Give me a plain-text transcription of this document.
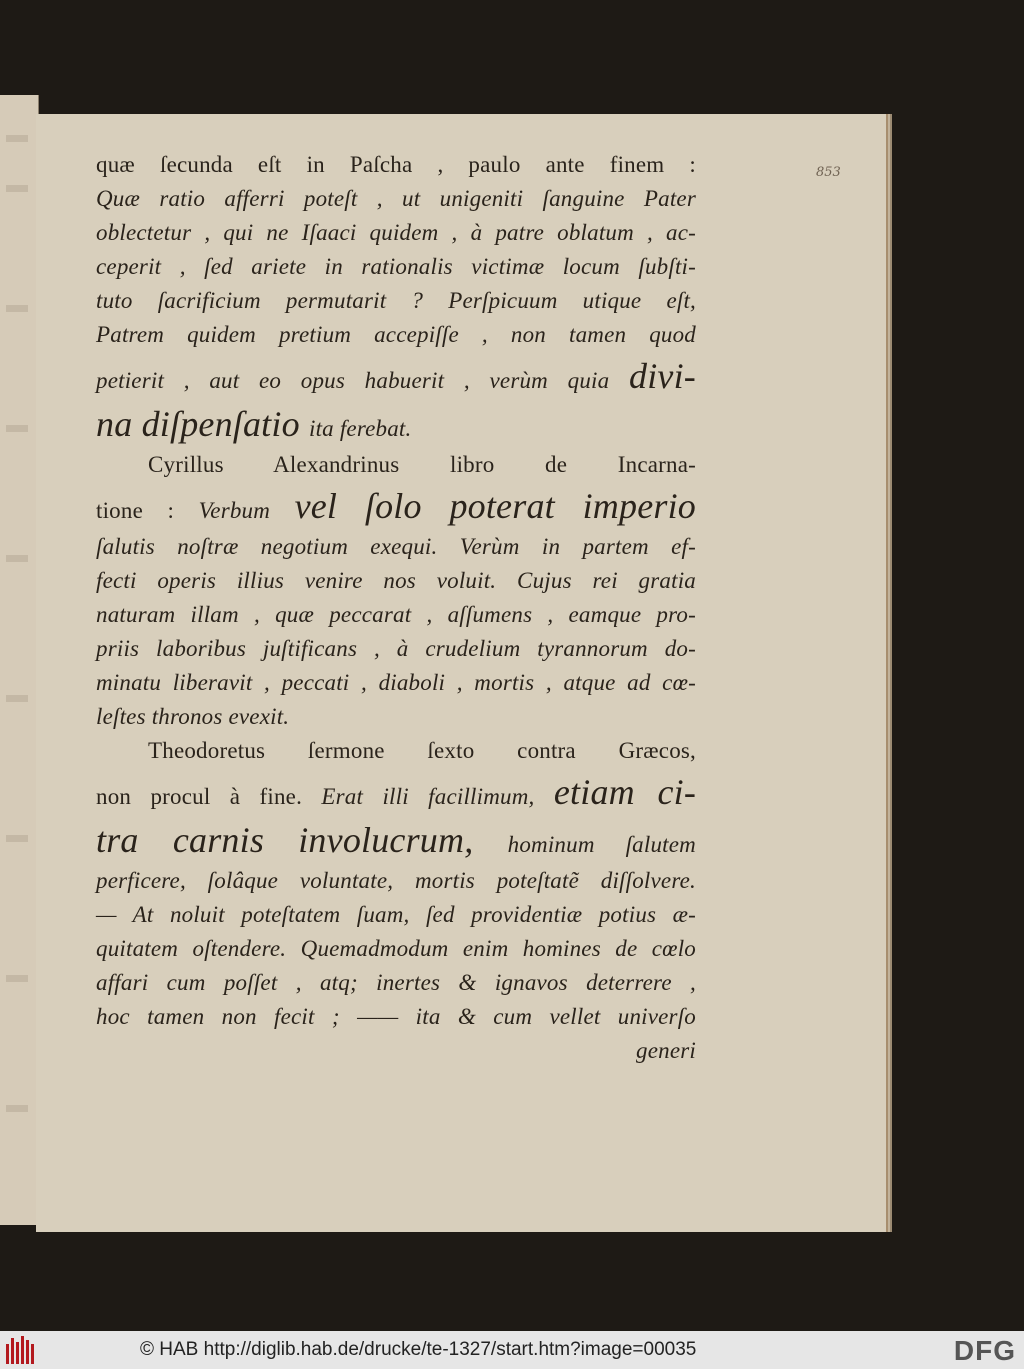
853
quæ ſecunda eſt in Paſcha , paulo ante finem :
Quæ ratio afferri poteſt , ut unigeniti ſanguine Pater
oblectetur , qui ne Iſaaci quidem , à patre oblatum , ac-
ceperit , ſed ariete in rationalis victimæ locum ſubſti-
tuto ſacrificium permutarit ? Perſpicuum utique eſt,
Patrem quidem pretium accepiſſe , non tamen quod
petierit , aut eo opus habuerit , verùm quia divi-
na diſpenſatio ita ferebat.
Cyrillus Alexandrinus libro de Incarna-
tione : Verbum vel ſolo poterat imperio
ſalutis noſtræ negotium exequi. Verùm in partem ef-
fecti operis illius venire nos voluit. Cujus rei gratia
naturam illam , quæ peccarat , aſſumens , eamque pro-
priis laboribus juſtificans , à crudelium tyrannorum do-
minatu liberavit , peccati , diaboli , mortis , atque ad cœ-
leſtes thronos evexit.
Theodoretus ſermone ſexto contra Græcos,
non procul à fine. Erat illi facillimum, etiam ci-
tra carnis involucrum, hominum ſalutem
perficere, ſolâque voluntate, mortis poteſtatẽ diſſolvere.
— At noluit poteſtatem ſuam, ſed providentiæ potius æ-
quitatem oſtendere. Quemadmodum enim homines de cœlo
affari cum poſſet , atq; inertes & ignavos deterrere ,
hoc tamen non fecit ; —— ita & cum vellet univerſo
generi
© HAB http://diglib.hab.de/drucke/te-1327/start.htm?image=00035	DFG
